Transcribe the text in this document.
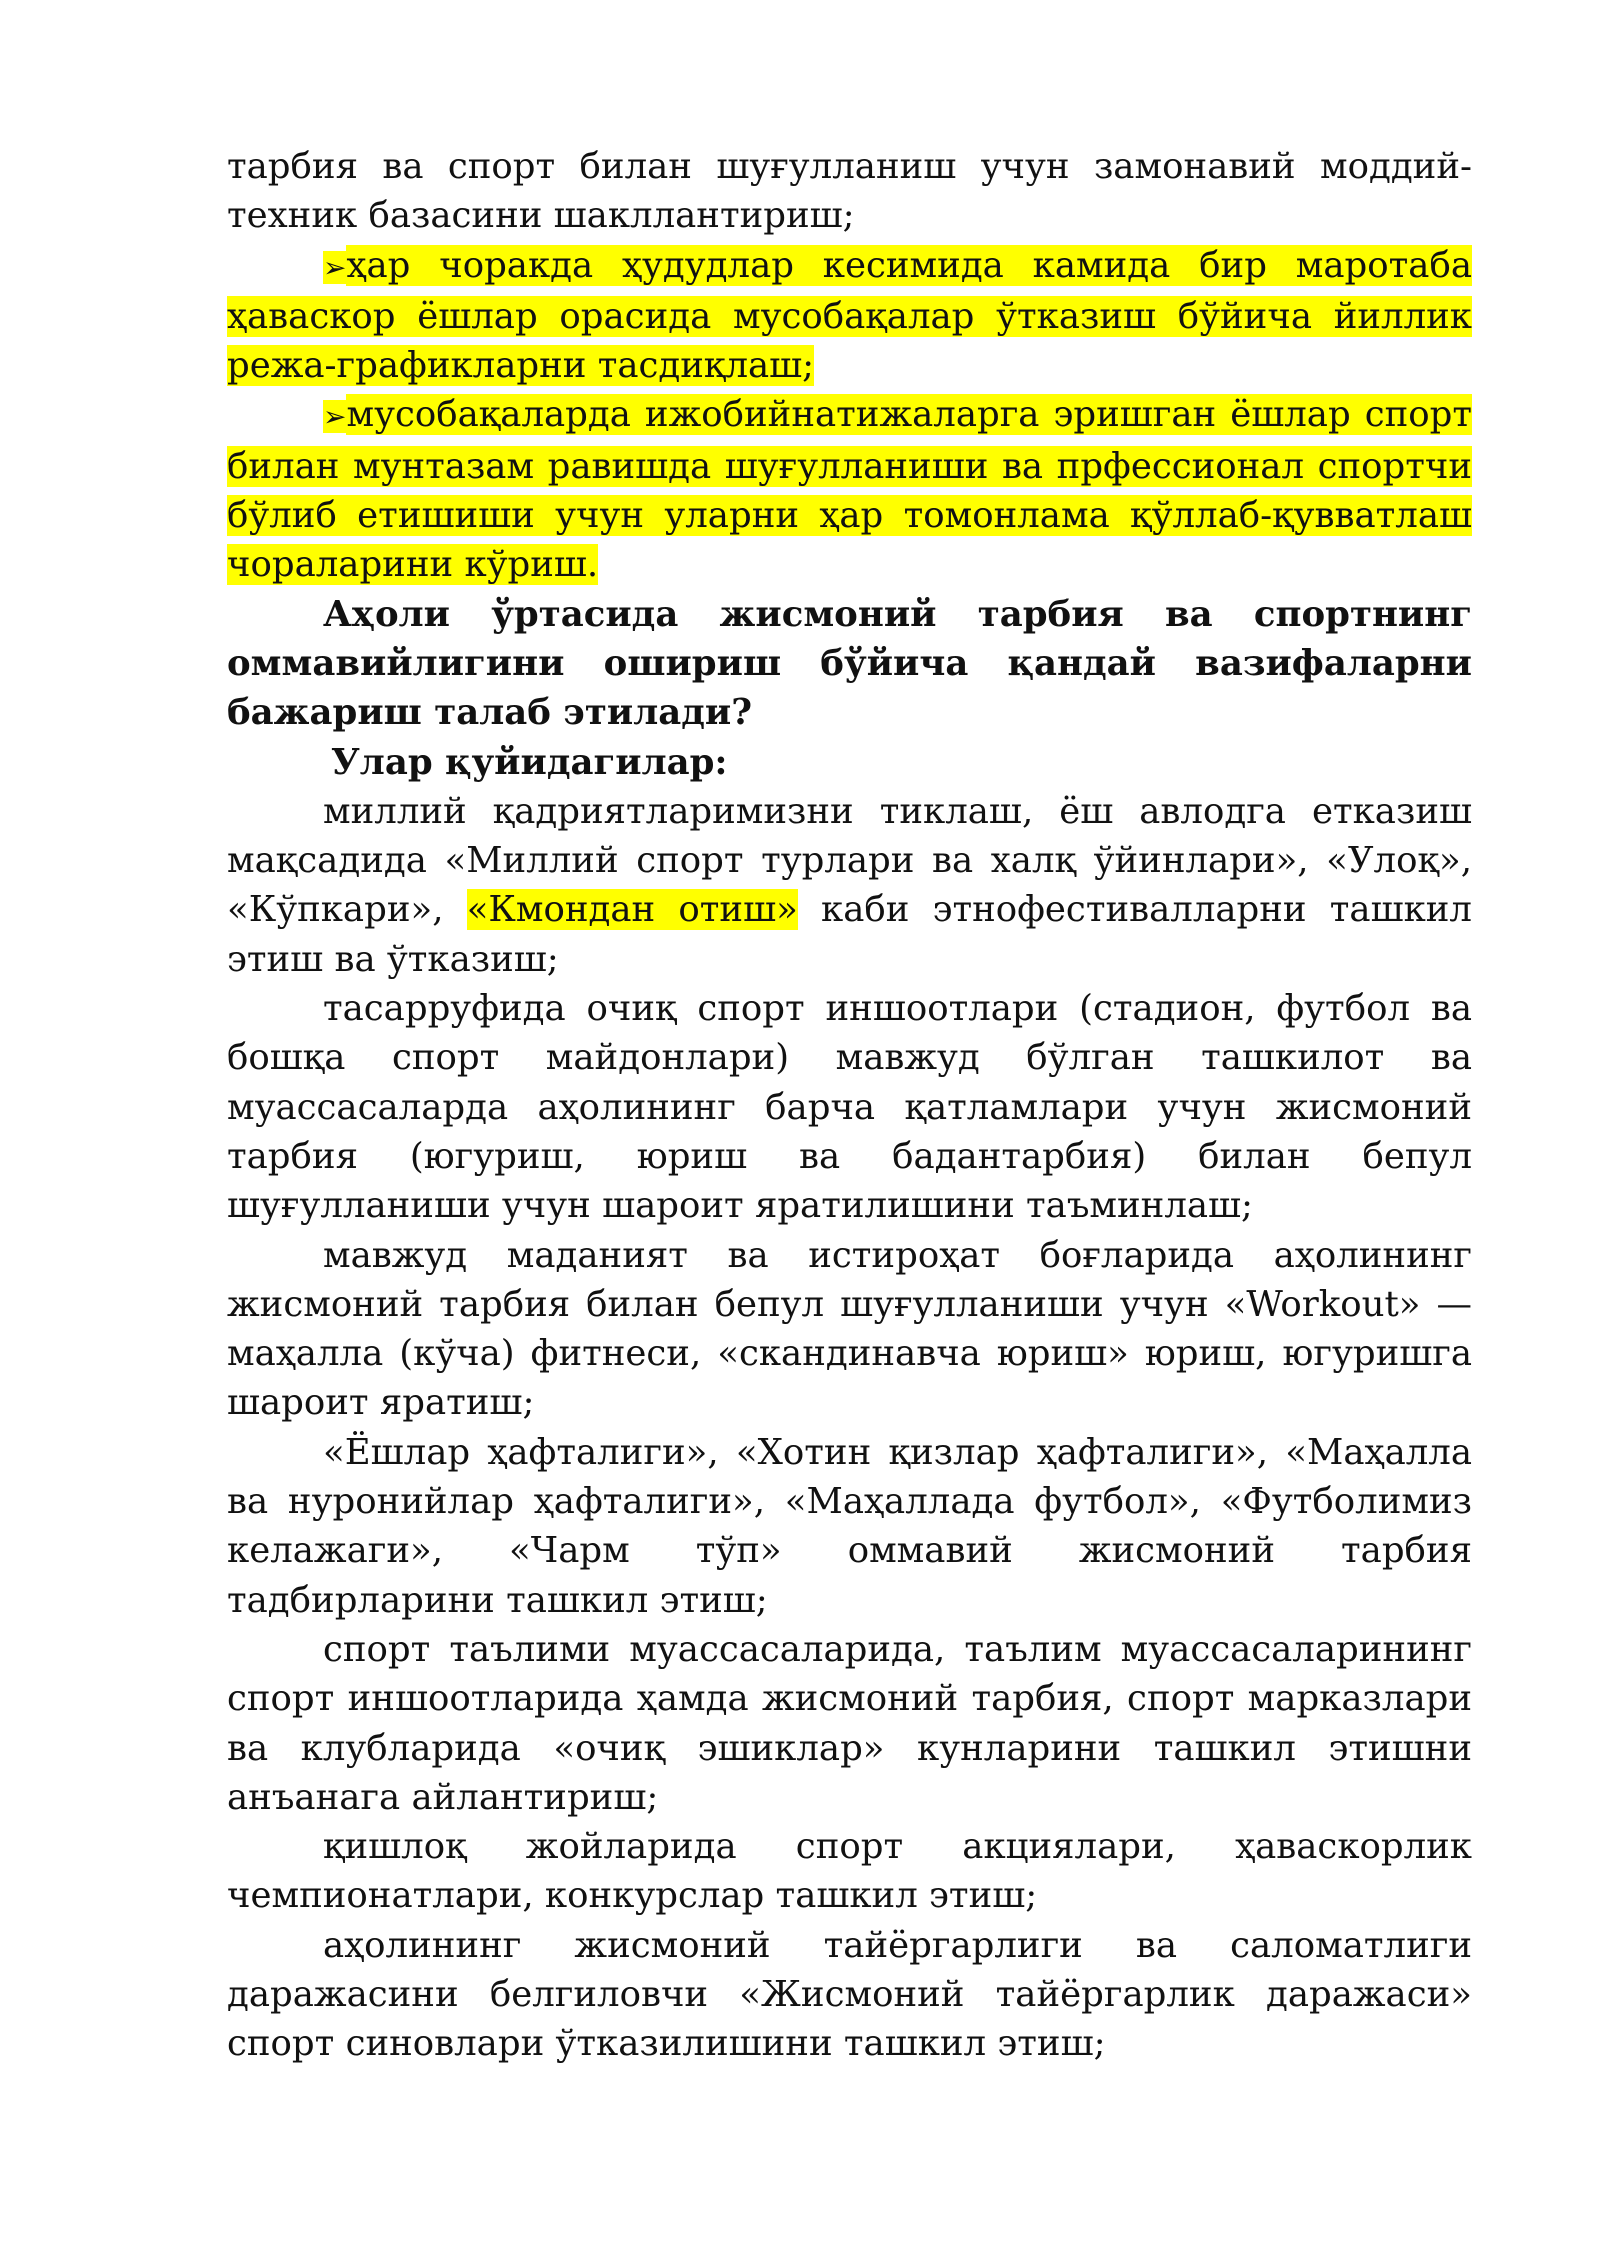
тарбия ва спорт билан шуғулланиш учун замонавий моддий-техник базасини шакллантириш;

➢ҳар чоракда ҳудудлар кесимида камида бир маротаба ҳаваскор ёшлар орасида мусобақалар ўтказиш бўйича йиллик режа-графикларни тасдиқлаш;

➢мусобақаларда ижобийнатижаларга эришган ёшлар спорт билан мунтазам равишда шуғулланиши ва прфессионал спортчи бўлиб етишиши учун уларни ҳар томонлама қўллаб-қувватлаш чораларини кўриш.

Аҳоли ўртасида жисмоний тарбия ва спортнинг оммавийлигини ошириш бўйича қандай вазифаларни бажариш талаб этилади?

Улар қуйидагилар:

миллий қадриятларимизни тиклаш, ёш авлодга етказиш мақсадида «Миллий спорт турлари ва халқ ўйинлари», «Улоқ», «Кўпкари», «Кмондан отиш» каби этнофестивалларни ташкил этиш ва ўтказиш;

тасарруфида очиқ спорт иншоотлари (стадион, футбол ва бошқа спорт майдонлари) мавжуд бўлган ташкилот ва муассасаларда аҳолининг барча қатламлари учун жисмоний тарбия (югуриш, юриш ва бадантарбия) билан бепул шуғулланиши учун шароит яратилишини таъминлаш;

мавжуд маданият ва истироҳат боғларида аҳолининг жисмоний тарбия билан бепул шуғулланиши учун «Workout» — маҳалла (кўча) фитнеси, «скандинавча юриш» юриш, югуришга шароит яратиш;

«Ёшлар ҳафталиги», «Хотин қизлар ҳафталиги», «Маҳалла ва нуронийлар ҳафталиги», «Маҳаллада футбол», «Футболимиз келажаги», «Чарм тўп» оммавий жисмоний тарбия тадбирларини ташкил этиш;

спорт таълими муассасаларида, таълим муассасаларининг спорт иншоотларида ҳамда жисмоний тарбия, спорт марказлари ва клубларида «очиқ эшиклар» кунларини ташкил этишни анъанага айлантириш;

қишлоқ жойларида спорт акциялари, ҳаваскорлик чемпионатлари, конкурслар ташкил этиш;

аҳолининг жисмоний тайёргарлиги ва саломатлиги даражасини белгиловчи «Жисмоний тайёргарлик даражаси» спорт синовлари ўтказилишини ташкил этиш;
